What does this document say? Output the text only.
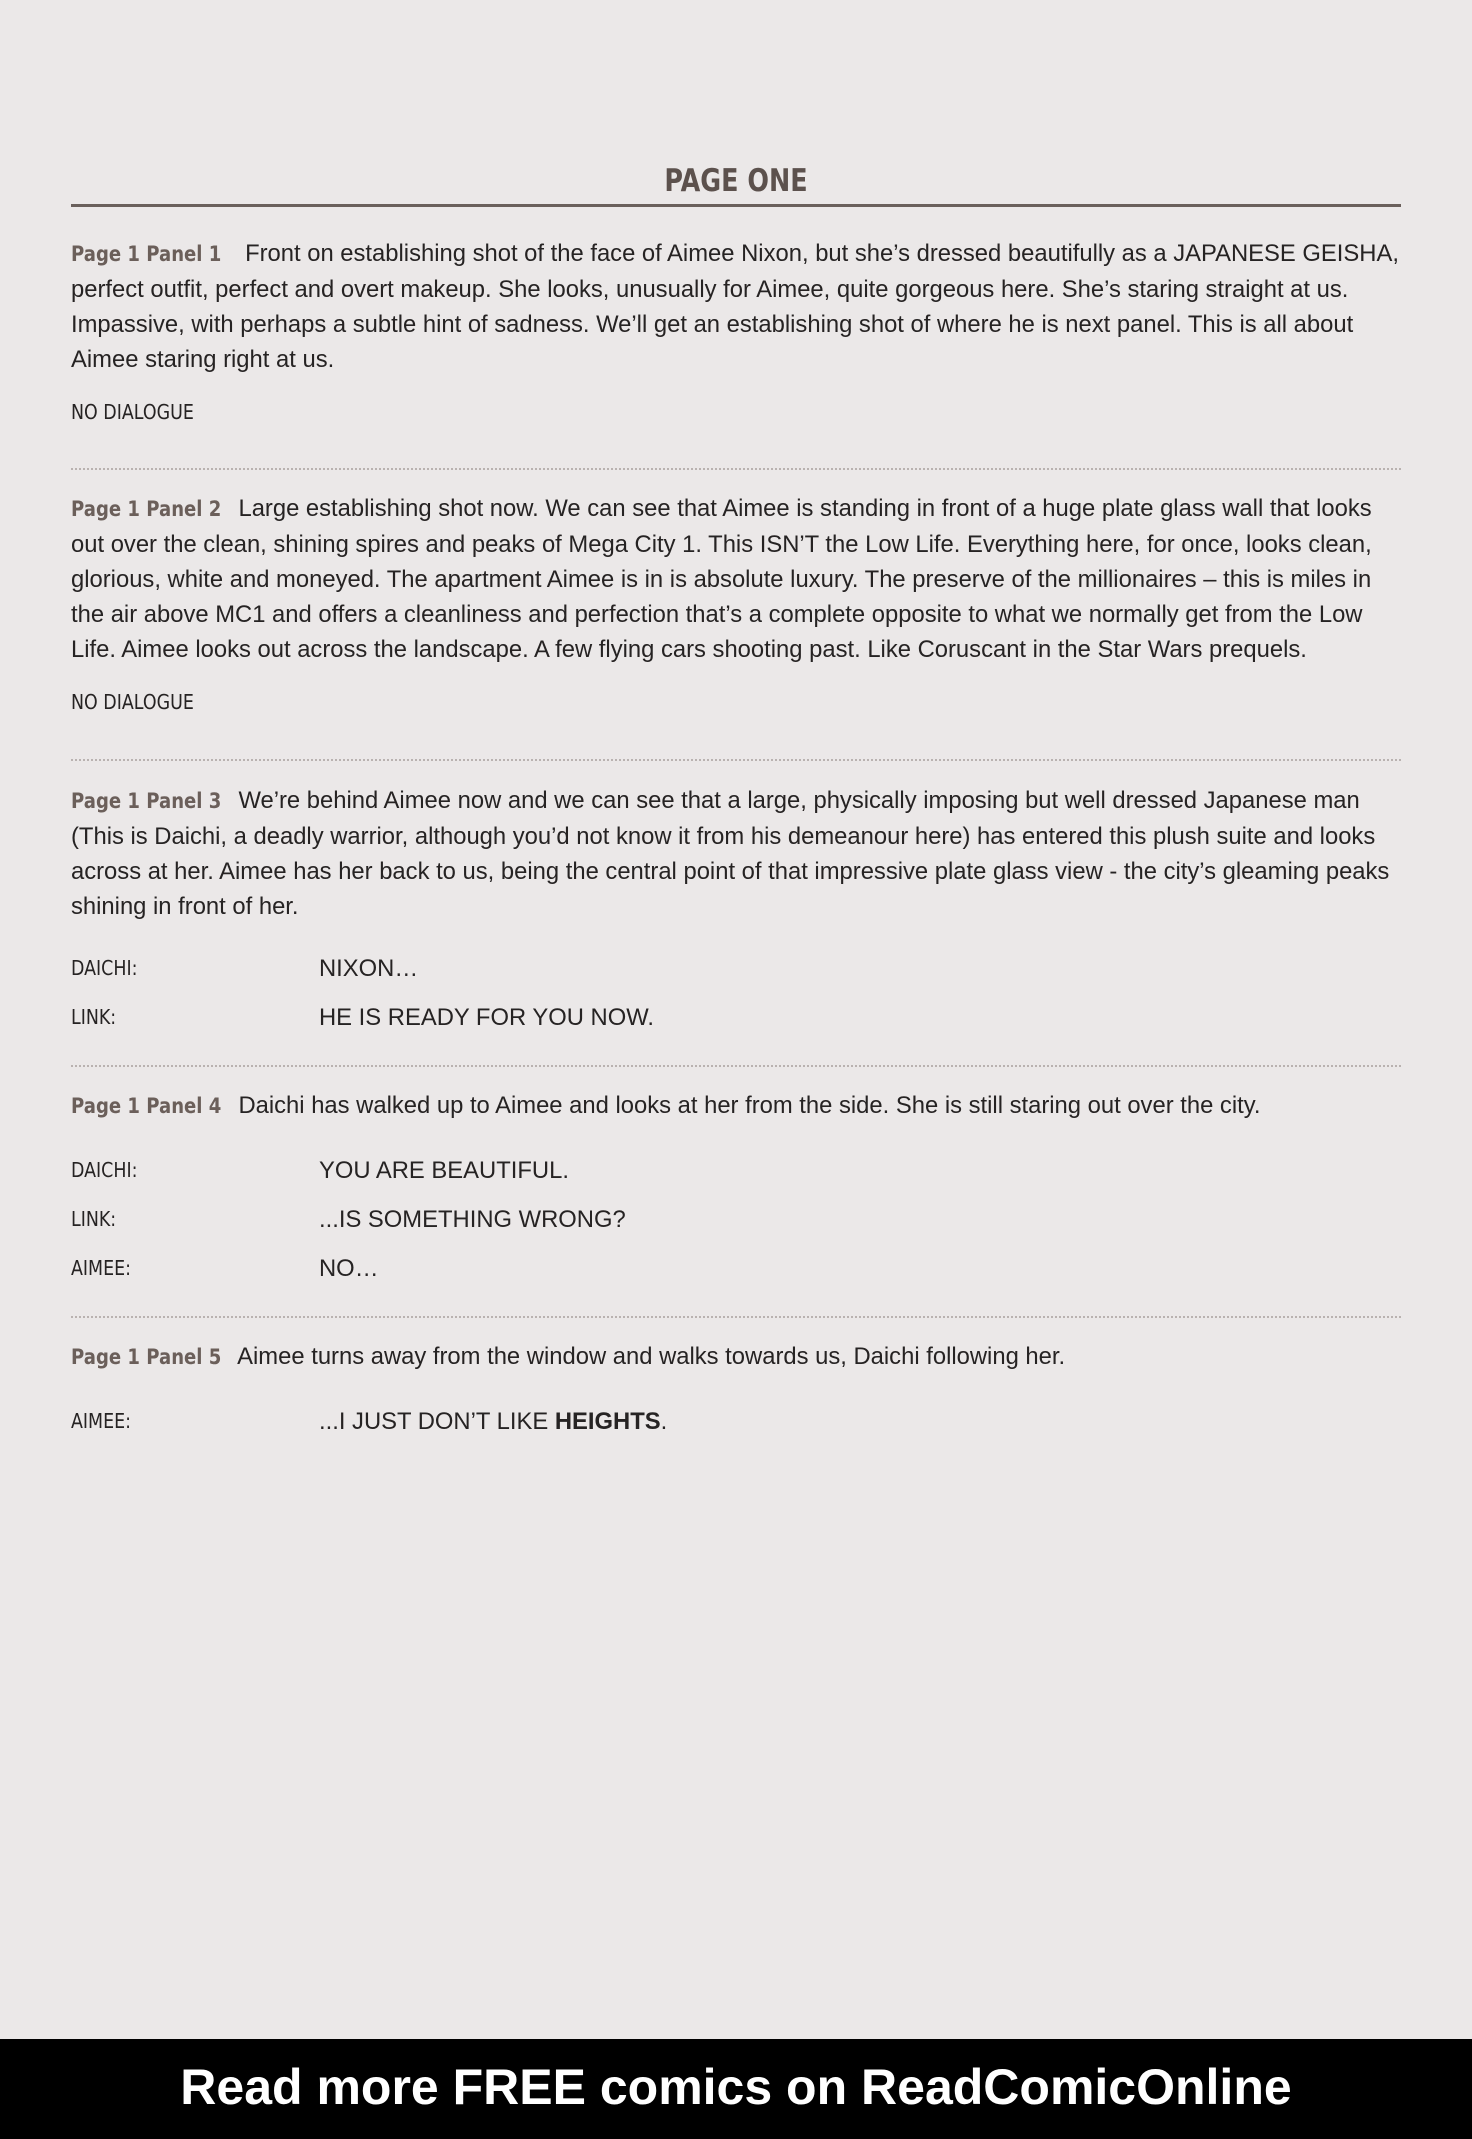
PAGE ONE

Page 1 Panel 1 Front on establishing shot of the face of Aimee Nixon, but she’s dressed beautifully as a JAPANESE GEISHA, perfect outfit, perfect and overt makeup. She looks, unusually for Aimee, quite gorgeous here. She’s staring straight at us. Impassive, with perhaps a subtle hint of sadness. We’ll get an establishing shot of where he is next panel. This is all about Aimee staring right at us.

NO DIALOGUE

Page 1 Panel 2 Large establishing shot now. We can see that Aimee is standing in front of a huge plate glass wall that looks out over the clean, shining spires and peaks of Mega City 1. This ISN’T the Low Life. Everything here, for once, looks clean, glorious, white and moneyed. The apartment Aimee is in is absolute luxury. The preserve of the millionaires – this is miles in the air above MC1 and offers a cleanliness and perfection that’s a complete opposite to what we normally get from the Low Life. Aimee looks out across the landscape. A few flying cars shooting past. Like Coruscant in the Star Wars prequels.

NO DIALOGUE

Page 1 Panel 3 We’re behind Aimee now and we can see that a large, physically imposing but well dressed Japanese man (This is Daichi, a deadly warrior, although you’d not know it from his demeanour here) has entered this plush suite and looks across at her. Aimee has her back to us, being the central point of that impressive plate glass view - the city’s gleaming peaks shining in front of her.

DAICHI:	NIXON…
LINK:	HE IS READY FOR YOU NOW.

Page 1 Panel 4 Daichi has walked up to Aimee and looks at her from the side. She is still staring out over the city.

DAICHI:	YOU ARE BEAUTIFUL.
LINK:	...IS SOMETHING WRONG?
AIMEE:	NO…

Page 1 Panel 5 Aimee turns away from the window and walks towards us, Daichi following her.

AIMEE:	...I JUST DON’T LIKE HEIGHTS.
Read more FREE comics on ReadComicOnline
